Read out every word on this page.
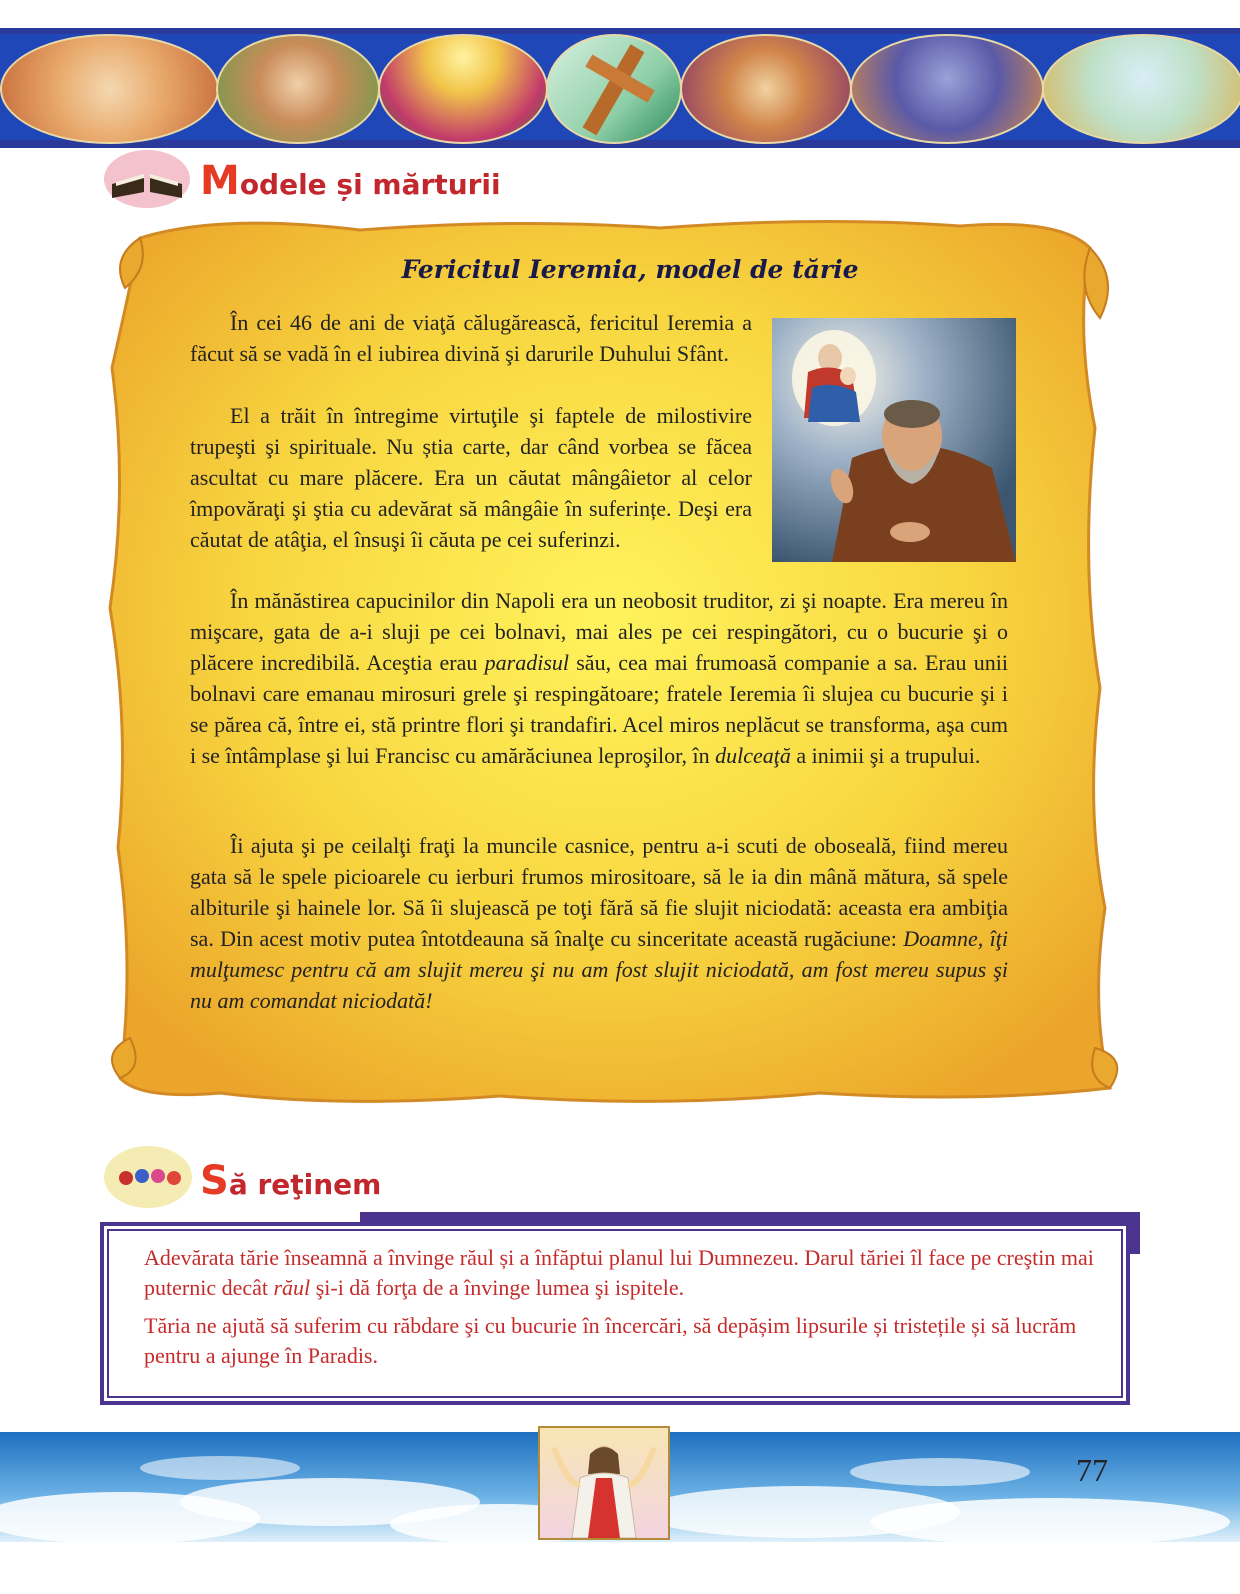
Modele și mărturii
Fericitul Ieremia, model de tărie

În cei 46 de ani de viaţă călugărească, fericitul Ieremia a făcut să se vadă în el iubirea divină şi darurile Duhului Sfânt.

El a trăit în întregime virtuţile şi faptele de milostivire trupeşti şi spirituale. Nu știa carte, dar când vorbea se făcea ascultat cu mare plăcere. Era un căutat mângâietor al celor împovăraţi şi ştia cu adevărat să mângâie în suferințe. Deşi era căutat de atâţia, el însuşi îi căuta pe cei suferinzi.

În mănăstirea capucinilor din Napoli era un neobosit truditor, zi şi noapte. Era mereu în mişcare, gata de a-i sluji pe cei bolnavi, mai ales pe cei respingători, cu o bucurie şi o plăcere incredibilă. Aceştia erau paradisul său, cea mai frumoasă companie a sa. Erau unii bolnavi care emanau mirosuri grele şi respingătoare; fratele Ieremia îi slujea cu bucurie şi i se părea că, între ei, stă printre flori şi trandafiri. Acel miros neplăcut se transforma, aşa cum i se întâmplase şi lui Francisc cu amărăciunea leproşilor, în dulceaţă a inimii şi a trupului.

Îi ajuta şi pe ceilalţi fraţi la muncile casnice, pentru a-i scuti de oboseală, fiind mereu gata să le spele picioarele cu ierburi frumos mirositoare, să le ia din mână mătura, să spele albiturile şi hainele lor. Să îi slujească pe toţi fără să fie slujit niciodată: aceasta era ambiţia sa. Din acest motiv putea întotdeauna să înalţe cu sinceritate această rugăciune: Doamne, îţi mulţumesc pentru că am slujit mereu şi nu am fost slujit niciodată, am fost mereu supus şi nu am comandat niciodată!

Să reţinem

Adevărata tărie înseamnă a învinge răul și a înfăptui planul lui Dumnezeu. Darul tăriei îl face pe creştin mai puternic decât răul şi-i dă forţa de a învinge lumea şi ispitele.

Tăria ne ajută să suferim cu răbdare şi cu bucurie în încercări, să depășim lipsurile și tristețile și să lucrăm pentru a ajunge în Paradis.

77
